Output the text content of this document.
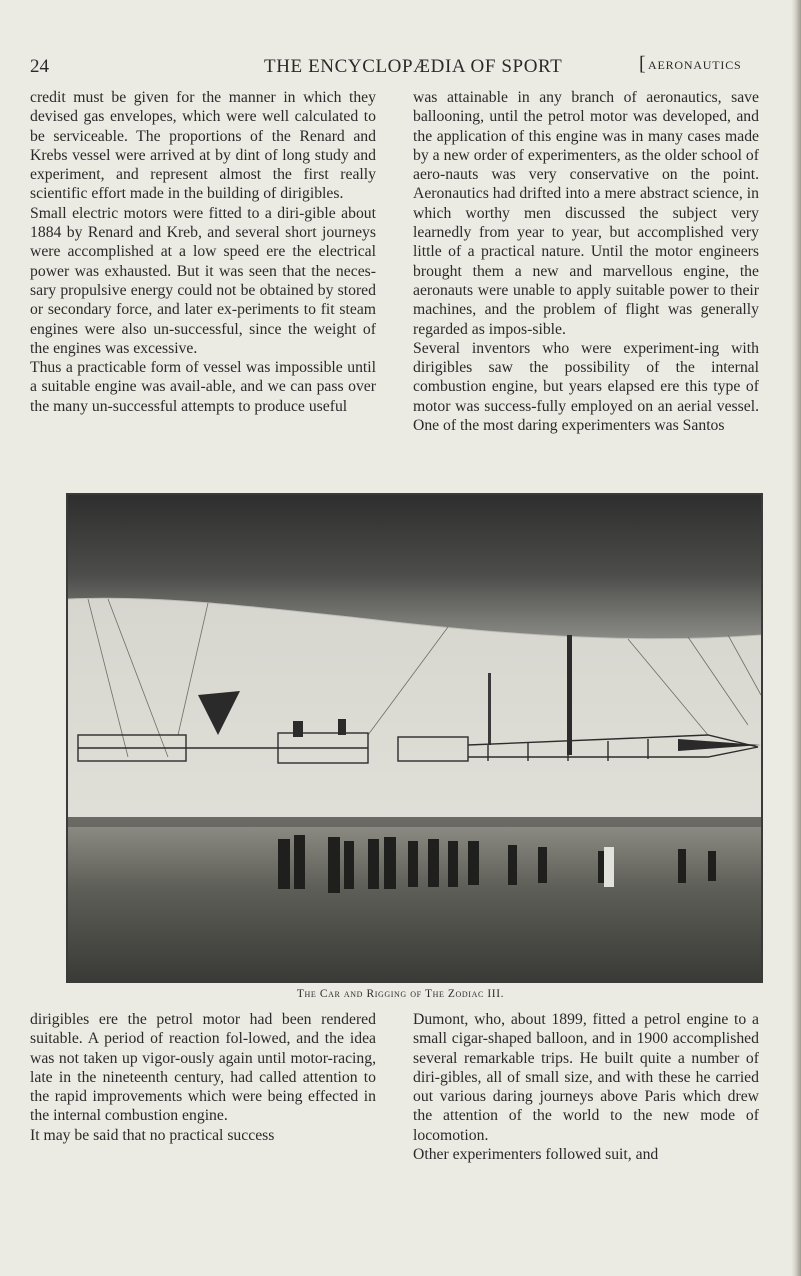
24	THE ENCYCLOPÆDIA OF SPORT
[	AERONAUTICS

credit must be given for the manner in which they devised gas envelopes, which were well calculated to be serviceable. The proportions of the Renard and Krebs vessel were arrived at by dint of long study and experiment, and represent almost the first really scientific effort made in the building of dirigibles.

Small electric motors were fitted to a diri-gible about 1884 by Renard and Kreb, and several short journeys were accomplished at a low speed ere the electrical power was exhausted. But it was seen that the neces-sary propulsive energy could not be obtained by stored or secondary force, and later ex-periments to fit steam engines were also un-successful, since the weight of the engines was excessive.

Thus a practicable form of vessel was impossible until a suitable engine was avail-able, and we can pass over the many un-successful attempts to produce useful

was attainable in any branch of aeronautics, save ballooning, until the petrol motor was developed, and the application of this engine was in many cases made by a new order of experimenters, as the older school of aero-nauts was very conservative on the point. Aeronautics had drifted into a mere abstract science, in which worthy men discussed the subject very learnedly from year to year, but accomplished very little of a practical nature. Until the motor engineers brought them a new and marvellous engine, the aeronauts were unable to apply suitable power to their machines, and the problem of flight was generally regarded as impos-sible.

Several inventors who were experiment-ing with dirigibles saw the possibility of the internal combustion engine, but years elapsed ere this type of motor was success-fully employed on an aerial vessel. One of the most daring experimenters was Santos

The Car and Rigging of The Zodiac III.

dirigibles ere the petrol motor had been rendered suitable. A period of reaction fol-lowed, and the idea was not taken up vigor-ously again until motor-racing, late in the nineteenth century, had called attention to the rapid improvements which were being effected in the internal combustion engine.

It may be said that no practical success

Dumont, who, about 1899, fitted a petrol engine to a small cigar-shaped balloon, and in 1900 accomplished several remarkable trips. He built quite a number of diri-gibles, all of small size, and with these he carried out various daring journeys above Paris which drew the attention of the world to the new mode of locomotion.

Other experimenters followed suit, and
